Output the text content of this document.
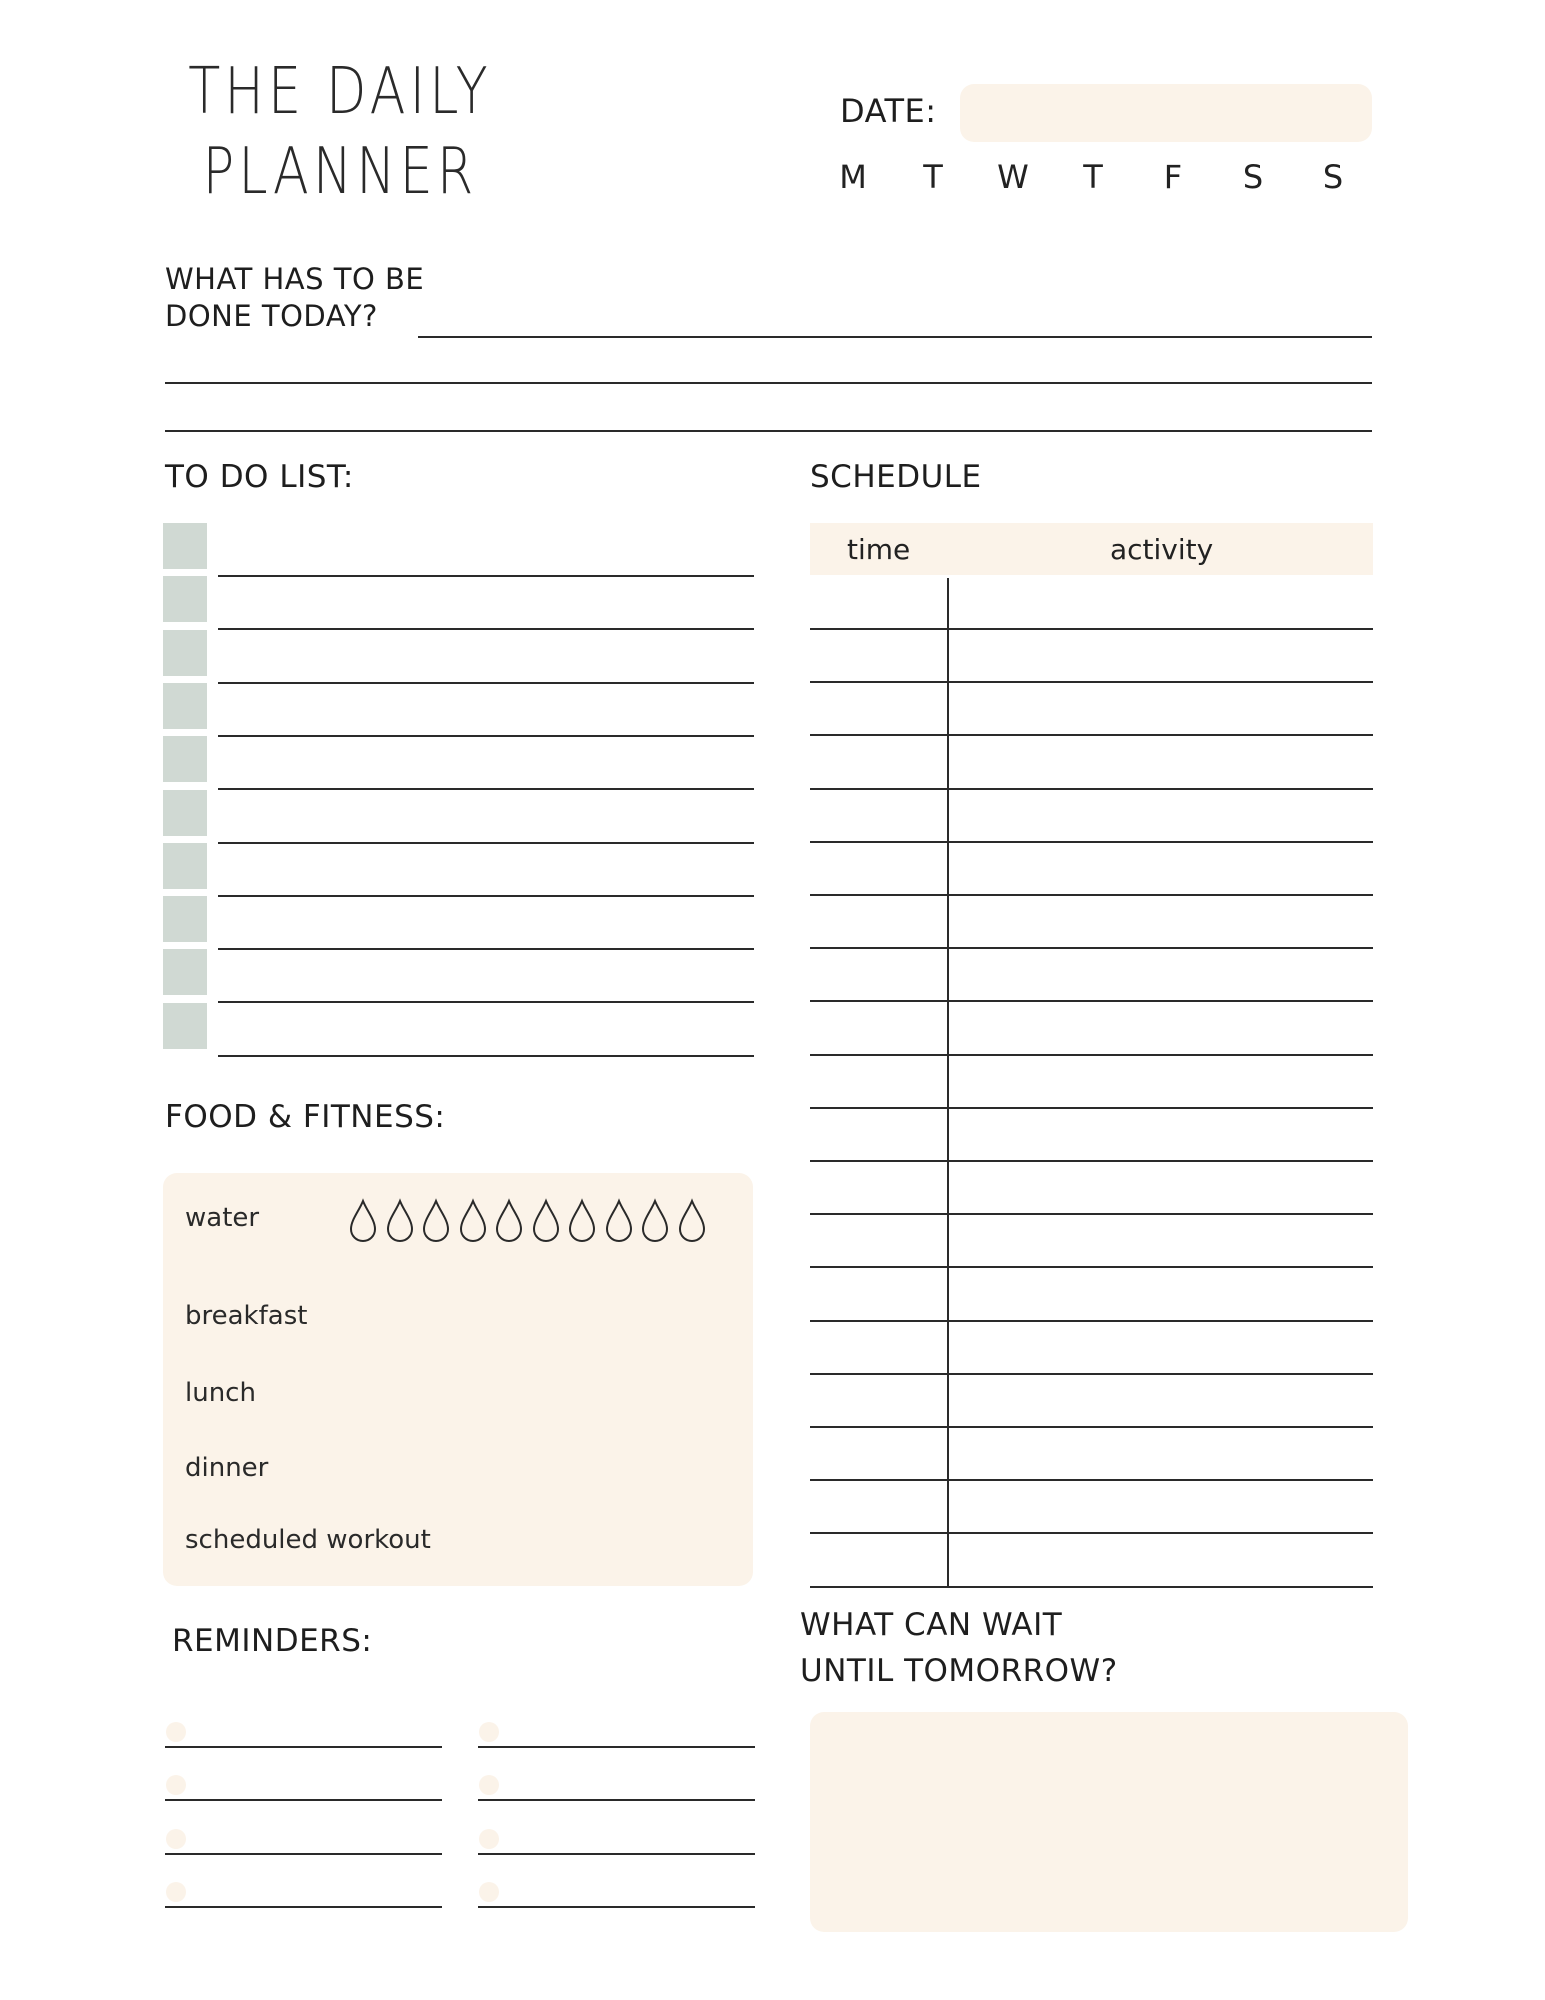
THE DAILY
PLANNER
DATE:
M	T	W	T	F	S	S
WHAT HAS TO BE
DONE TODAY?
TO DO LIST:	SCHEDULE
time	activity
FOOD & FITNESS:
water
breakfast
lunch
dinner
scheduled workout
REMINDERS:	WHAT CAN WAIT
UNTIL TOMORROW?
